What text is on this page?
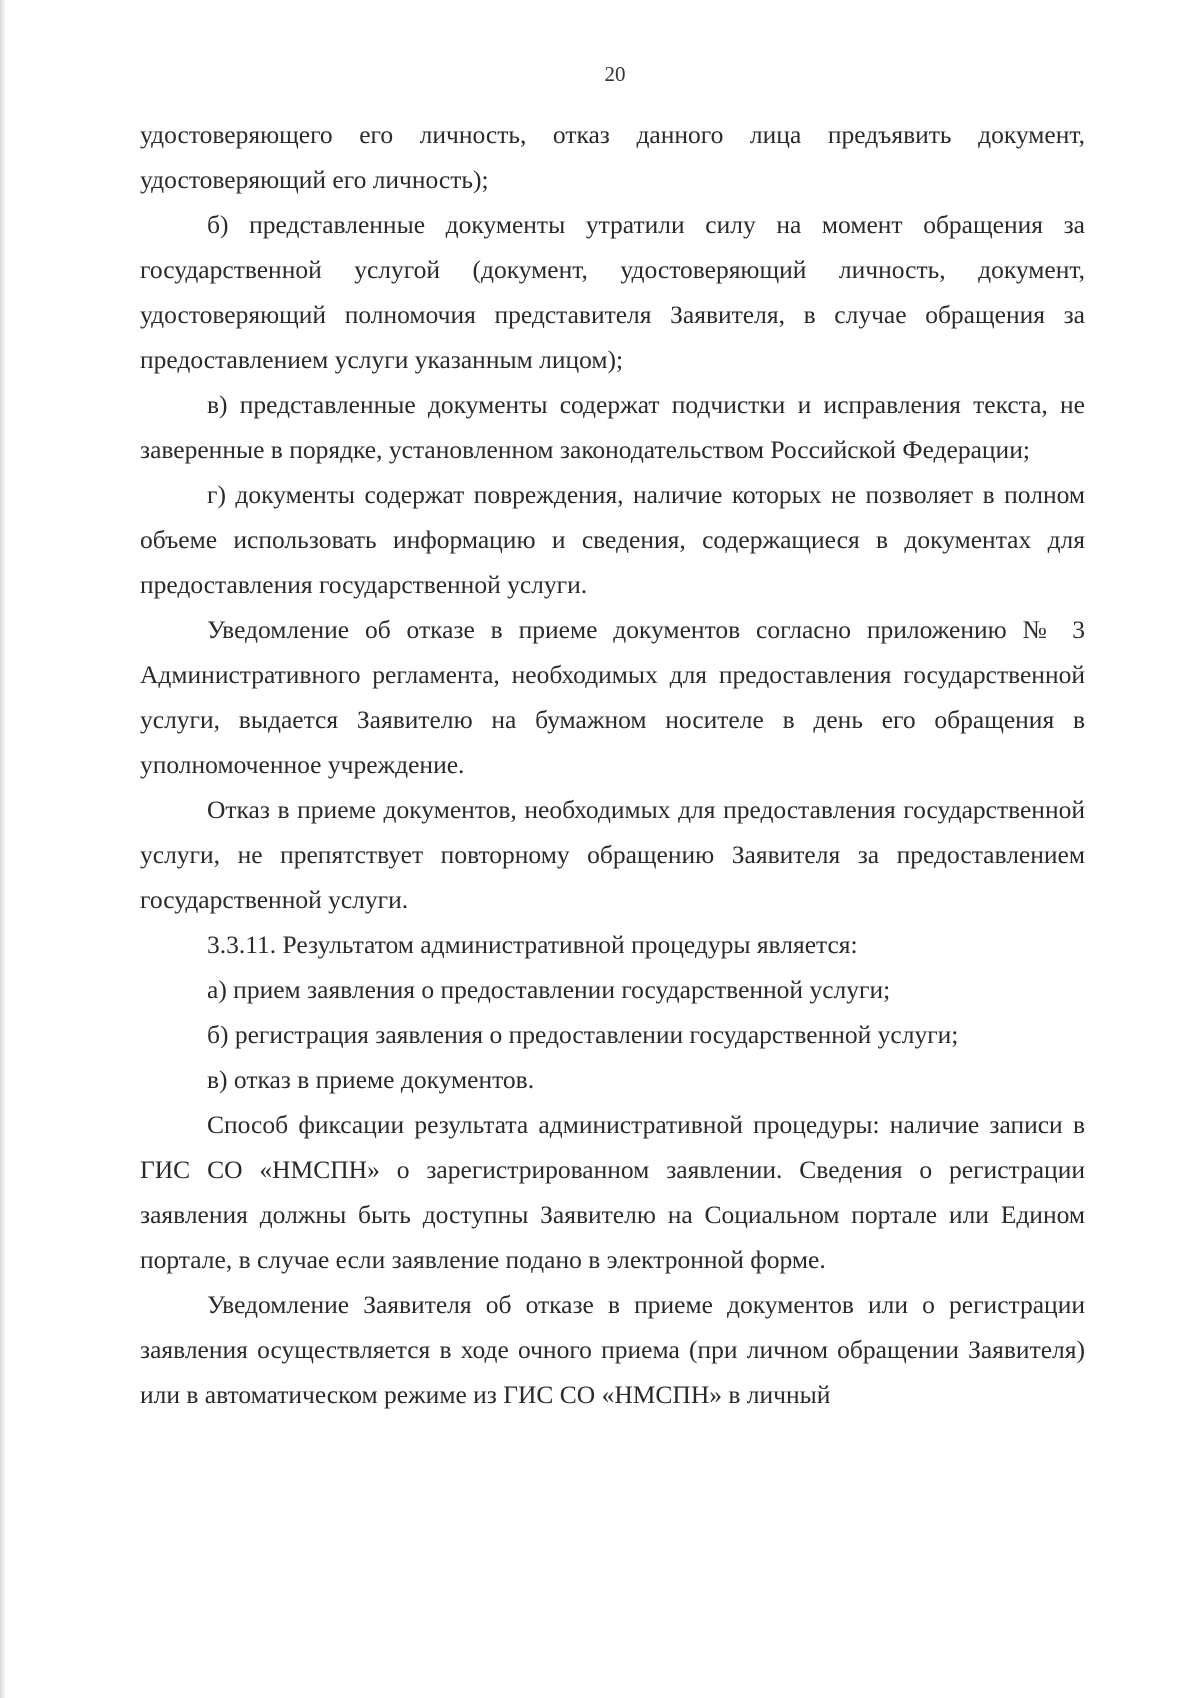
20

удостоверяющего его личность, отказ данного лица предъявить документ, удостоверяющий его личность);

б) представленные документы утратили силу на момент обращения за государственной услугой (документ, удостоверяющий личность, документ, удостоверяющий полномочия представителя Заявителя, в случае обращения за предоставлением услуги указанным лицом);

в) представленные документы содержат подчистки и исправления текста, не заверенные в порядке, установленном законодательством Российской Федерации;

г) документы содержат повреждения, наличие которых не позволяет в полном объеме использовать информацию и сведения, содержащиеся в документах для предоставления государственной услуги.

Уведомление об отказе в приеме документов согласно приложению № 3 Административного регламента, необходимых для предоставления государственной услуги, выдается Заявителю на бумажном носителе в день его обращения в уполномоченное учреждение.

Отказ в приеме документов, необходимых для предоставления государственной услуги, не препятствует повторному обращению Заявителя за предоставлением государственной услуги.

3.3.11. Результатом административной процедуры является:

а) прием заявления о предоставлении государственной услуги;

б) регистрация заявления о предоставлении государственной услуги;

в) отказ в приеме документов.

Способ фиксации результата административной процедуры: наличие записи в ГИС СО «НМСПН» о зарегистрированном заявлении. Сведения о регистрации заявления должны быть доступны Заявителю на Социальном портале или Едином портале, в случае если заявление подано в электронной форме.

Уведомление Заявителя об отказе в приеме документов или о регистрации заявления осуществляется в ходе очного приема (при личном обращении Заявителя) или в автоматическом режиме из ГИС СО «НМСПН» в личный
